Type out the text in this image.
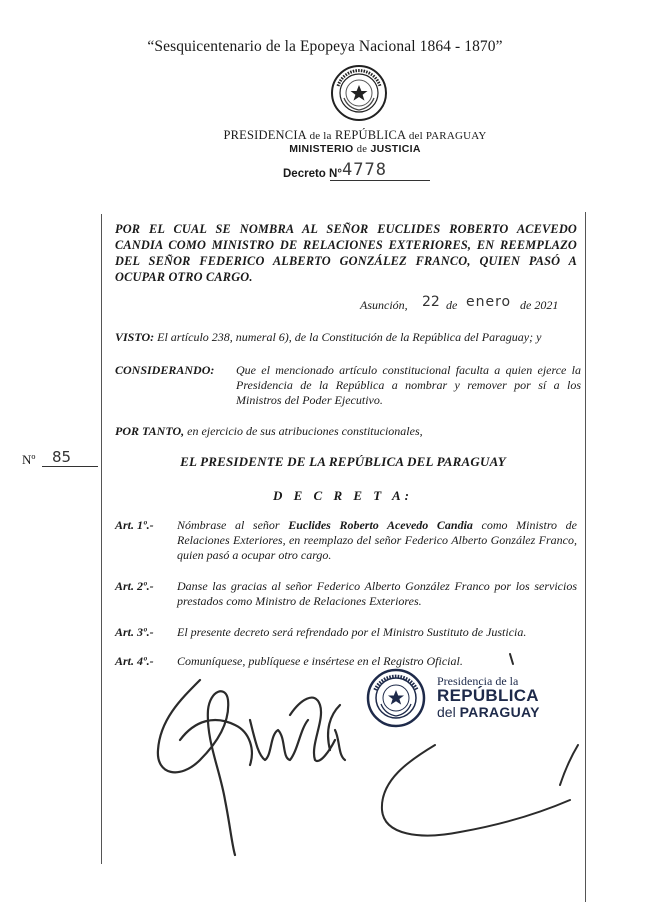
“Sesquicentenario de la Epopeya Nacional 1864 - 1870”
PRESIDENCIA de la REPÚBLICA del PARAGUAY
MINISTERIO de JUSTICIA
Decreto N° 4778
POR EL CUAL SE NOMBRA AL SEÑOR EUCLIDES ROBERTO ACEVEDO CANDIA COMO MINISTRO DE RELACIONES EXTERIORES, EN REEMPLAZO DEL SEÑOR FEDERICO ALBERTO GONZÁLEZ FRANCO, QUIEN PASÓ A OCUPAR OTRO CARGO.
Asunción, 22 de enero de 2021
VISTO: El artículo 238, numeral 6), de la Constitución de la República del Paraguay; y
CONSIDERANDO: Que el mencionado artículo constitucional faculta a quien ejerce la Presidencia de la República a nombrar y remover por sí a los Ministros del Poder Ejecutivo.
POR TANTO, en ejercicio de sus atribuciones constitucionales,
Nº 85	EL PRESIDENTE DE LA REPÚBLICA DEL PARAGUAY
D E C R E T A:
Art. 1º.- Nómbrase al señor Euclides Roberto Acevedo Candia como Ministro de Relaciones Exteriores, en reemplazo del señor Federico Alberto González Franco, quien pasó a ocupar otro cargo.
Art. 2º.- Danse las gracias al señor Federico Alberto González Franco por los servicios prestados como Ministro de Relaciones Exteriores.
Art. 3º.- El presente decreto será refrendado por el Ministro Sustituto de Justicia.
Art. 4º.- Comuníquese, publíquese e insértese en el Registro Oficial.
Presidencia de la
REPÚBLICA
del PARAGUAY
